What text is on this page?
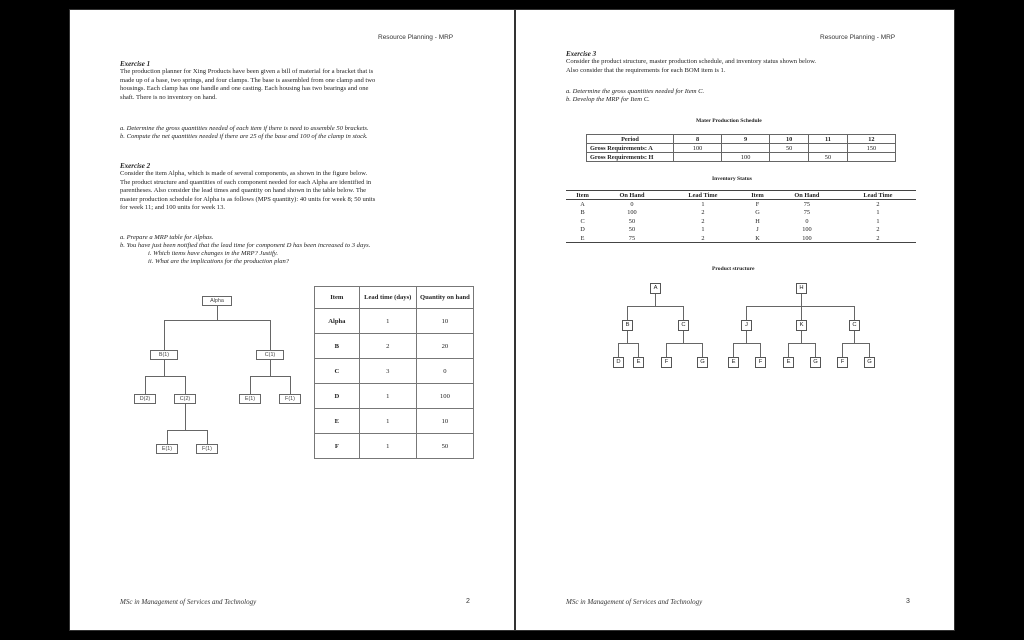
Resource Planning - MRP
Exercise 1
The production planner for Xing Products have been given a bill of material for a bracket that is
made up of a base, two springs, and four clamps. The base is assembled from one clamp and two
housings. Each clamp has one handle and one casting. Each housing has two bearings and one
shaft. There is no inventory on hand.
a. Determine the gross quantities needed of each item if there is need to assemble 50 brackets.
b. Compute the net quantities needed if there are 25 of the base and 100 of the clamp in stock.
Exercise 2
Consider the item Alpha, which is made of several components, as shown in the figure below.
The product structure and quantities of each component needed for each Alpha are identified in
parentheses. Also consider the lead times and quantity on hand shown in the table below. The
master production schedule for Alpha is as follows (MPS quantity): 40 units for week 8; 50 units
for week 11; and 100 units for week 13.
a. Prepare a MRP table for Alphas.
b. You have just been notified that the lead time for component D has been increased to 3 days.
i. Which items have changes in the MRP? Justify.
ii. What are the implications for the production plan?
Alpha
B(1)	C(1)
D(2)	C(2)	E(1)	F(1)
E(1)	F(1)
Item	Lead time (days)	Quantity on hand
Alpha	1	10
B	2	20
C	3	0
D	1	100
E	1	10
F	1	50
MSc in Management of Services and Technology	2
Resource Planning - MRP
Exercise 3
Consider the product structure, master production schedule, and inventory status shown below.
Also consider that the requirements for each BOM item is 1.
a. Determine the gross quantities needed for Item C.
b. Develop the MRP for Item C.
Mater Production Schedule
Period	8	9	10	11	12
Gross Requirements: A	100		50		150
Gross Requirements: H		100		50	
Inventory Status
Item	On Hand	Lead Time	Item	On Hand	Lead Time
A	0	1	F	75	2
B	100	2	G	75	1
C	50	2	H	0	1
D	50	1	J	100	2
E	75	2	K	100	2
Product structure
A
B	C
D	E	F	G
H
J	K	C
E	F	E	G	F	G
MSc in Management of Services and Technology	3
